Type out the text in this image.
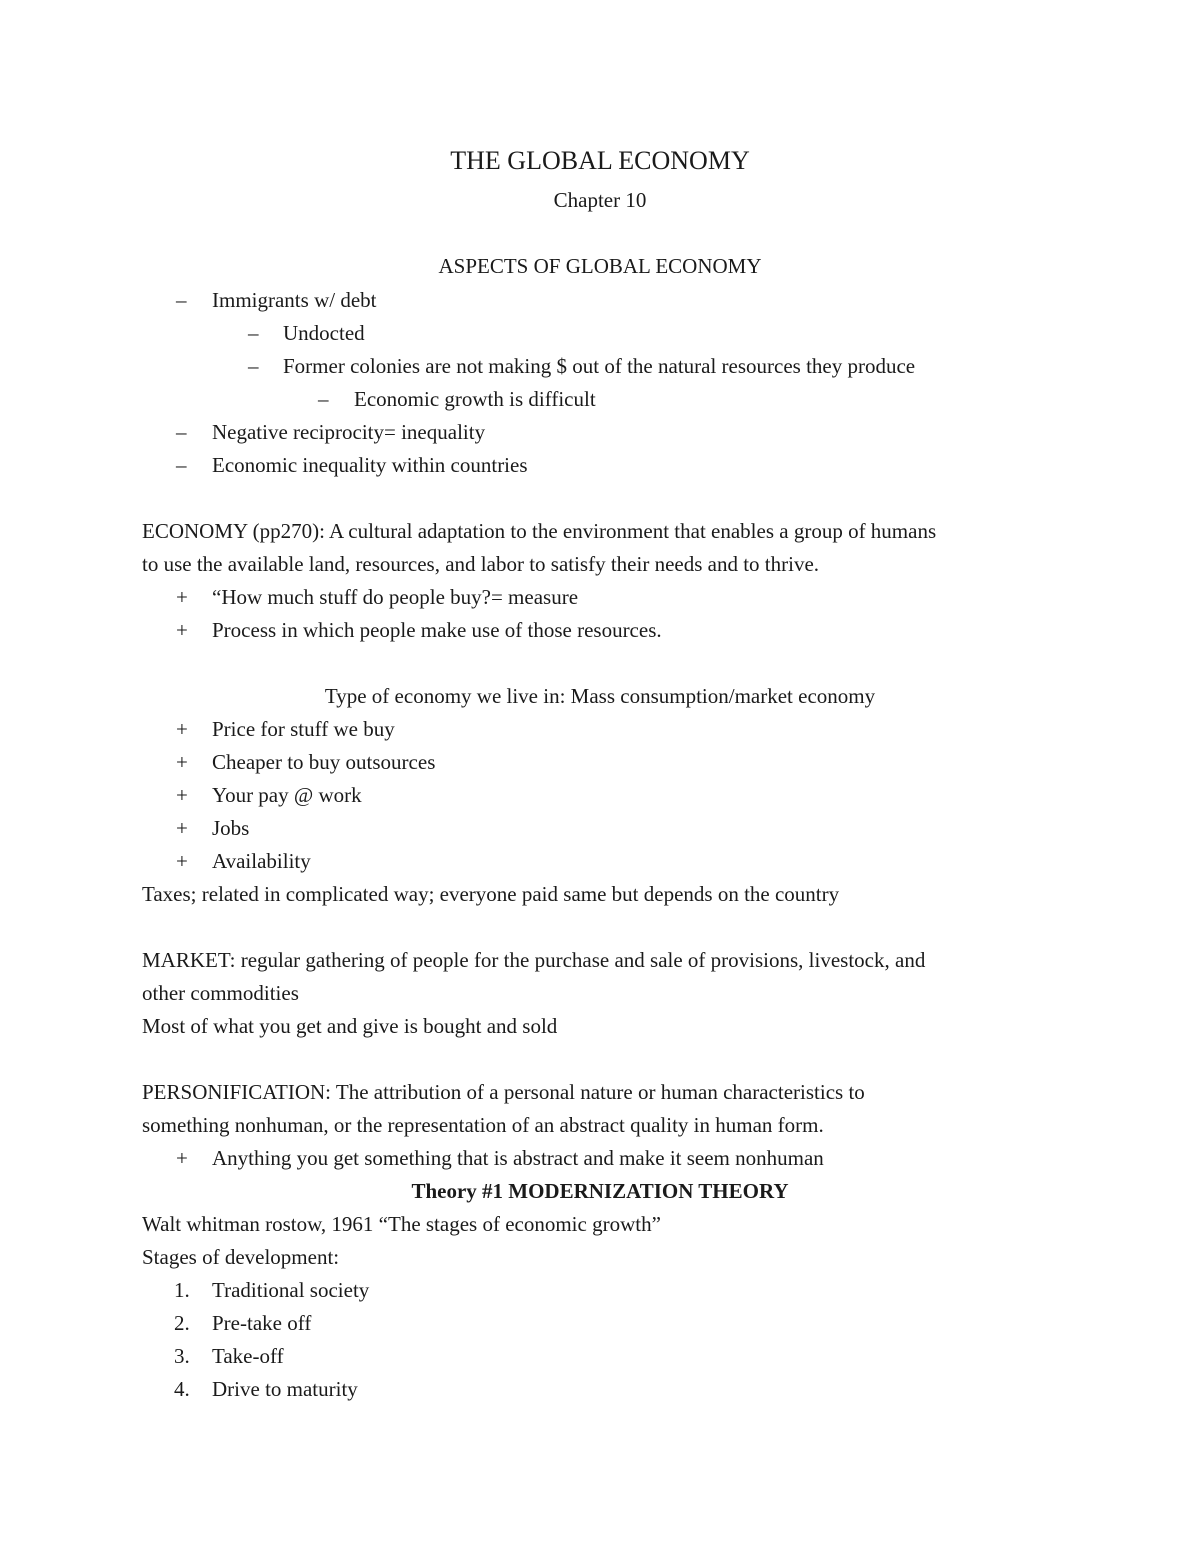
THE GLOBAL ECONOMY
Chapter 10
ASPECTS OF GLOBAL ECONOMY
– Immigrants w/ debt
– Undocted
– Former colonies are not making $ out of the natural resources they produce
– Economic growth is difficult
– Negative reciprocity= inequality
– Economic inequality within countries
ECONOMY (pp270): A cultural adaptation to the environment that enables a group of humans
to use the available land, resources, and labor to satisfy their needs and to thrive.
+ “How much stuff do people buy?= measure
+ Process in which people make use of those resources.
Type of economy we live in: Mass consumption/market economy
+ Price for stuff we buy
+ Cheaper to buy outsources
+ Your pay @ work
+ Jobs
+ Availability
Taxes; related in complicated way; everyone paid same but depends on the country
MARKET: regular gathering of people for the purchase and sale of provisions, livestock, and
other commodities
Most of what you get and give is bought and sold
PERSONIFICATION: The attribution of a personal nature or human characteristics to
something nonhuman, or the representation of an abstract quality in human form.
+ Anything you get something that is abstract and make it seem nonhuman
Theory #1 MODERNIZATION THEORY
Walt whitman rostow, 1961 “The stages of economic growth”
Stages of development:
1. Traditional society
2. Pre-take off
3. Take-off
4. Drive to maturity
